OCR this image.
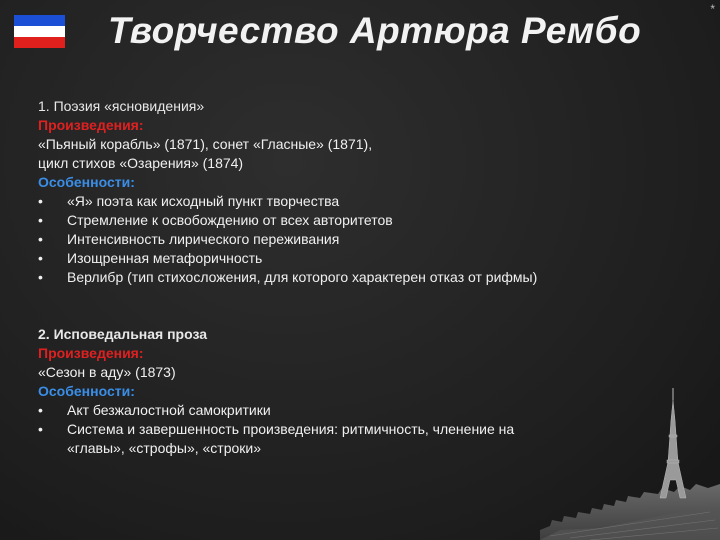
Творчество Артюра Рембо
*
1. Поэзия «ясновидения»
Произведения:
«Пьяный корабль» (1871), сонет «Гласные» (1871),
цикл стихов «Озарения» (1874)
Особенности:
•	«Я» поэта как исходный пункт творчества
•	Стремление к освобождению от всех авторитетов
•	Интенсивность лирического переживания
•	Изощренная метафоричность
•	Верлибр (тип стихосложения, для которого характерен отказ от рифмы)
2. Исповедальная проза
Произведения:
«Сезон в аду» (1873)
Особенности:
•	Акт безжалостной самокритики
•	Система и завершенность произведения: ритмичность, членение на
«главы», «строфы», «строки»
